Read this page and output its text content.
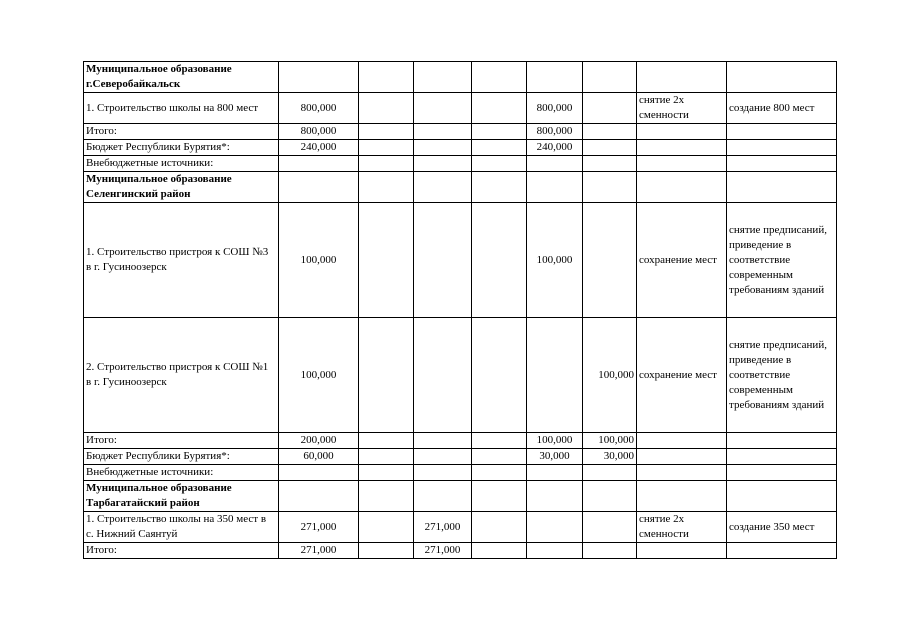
Муниципальное образование г.Северобайкальск								
1. Строительство школы на 800 мест	800,000				800,000		снятие 2х сменности	создание 800 мест
Итого:	800,000				800,000			
Бюджет Республики Бурятия*:	240,000				240,000			
Внебюджетные источники:								
Муниципальное образование Селенгинский район								
1. Строительство пристроя к СОШ №3 в г. Гусиноозерск	100,000				100,000		сохранение мест	снятие предписаний, приведение в соответствие современным требованиям зданий
2. Строительство пристроя к СОШ №1 в г. Гусиноозерск	100,000					100,000	сохранение мест	снятие предписаний, приведение в соответствие современным требованиям зданий
Итого:	200,000				100,000	100,000		
Бюджет Республики Бурятия*:	60,000				30,000	30,000		
Внебюджетные источники:								
Муниципальное образование Тарбагатайский район								
1. Строительство школы на 350 мест в с. Нижний Саянтуй	271,000		271,000				снятие 2х сменности	создание 350 мест
Итого:	271,000		271,000					
